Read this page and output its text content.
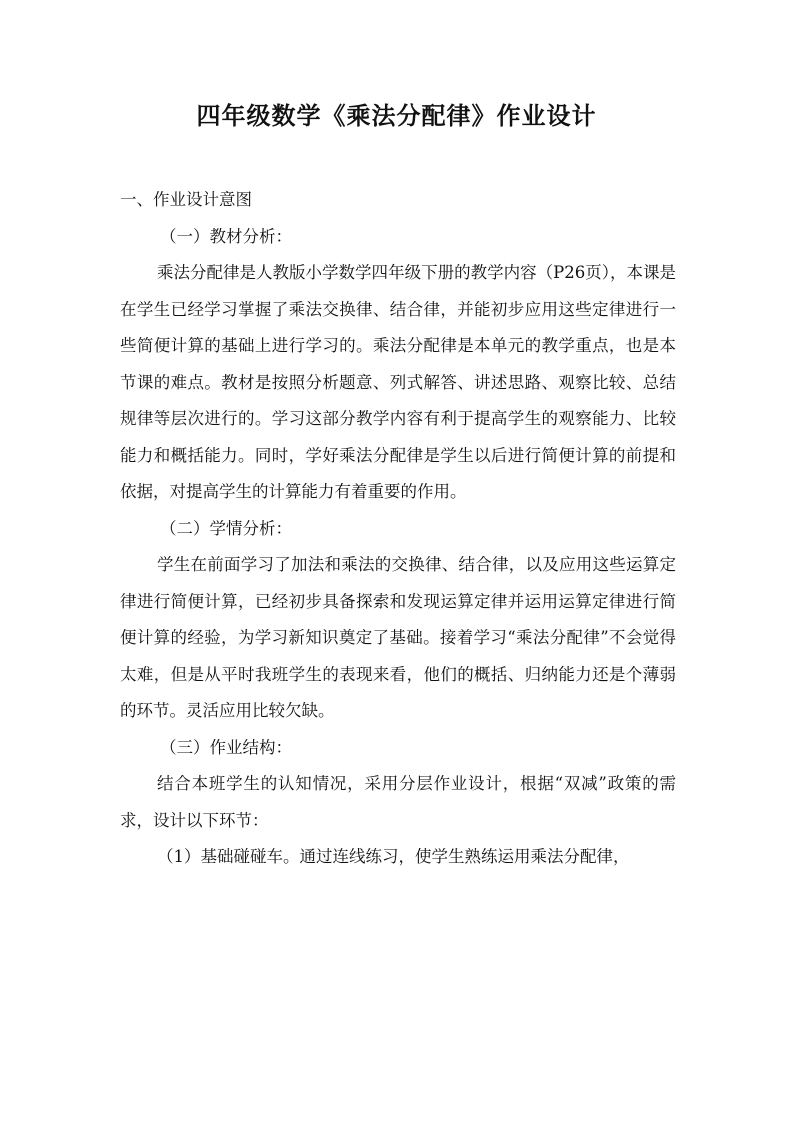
四年级数学《乘法分配律》作业设计

一、作业设计意图

（一）教材分析：

乘法分配律是人教版小学数学四年级下册的教学内容（P26页），本课是在学生已经学习掌握了乘法交换律、结合律，并能初步应用这些定律进行一些简便计算的基础上进行学习的。乘法分配律是本单元的教学重点，也是本节课的难点。教材是按照分析题意、列式解答、讲述思路、观察比较、总结规律等层次进行的。学习这部分教学内容有利于提高学生的观察能力、比较能力和概括能力。同时，学好乘法分配律是学生以后进行简便计算的前提和依据，对提高学生的计算能力有着重要的作用。

（二）学情分析：

学生在前面学习了加法和乘法的交换律、结合律，以及应用这些运算定律进行简便计算，已经初步具备探索和发现运算定律并运用运算定律进行简便计算的经验，为学习新知识奠定了基础。接着学习“乘法分配律”不会觉得太难，但是从平时我班学生的表现来看，他们的概括、归纳能力还是个薄弱的环节。灵活应用比较欠缺。

（三）作业结构：

结合本班学生的认知情况，采用分层作业设计，根据“双减”政策的需求，设计以下环节：

（1）基础碰碰车。通过连线练习，使学生熟练运用乘法分配律，
